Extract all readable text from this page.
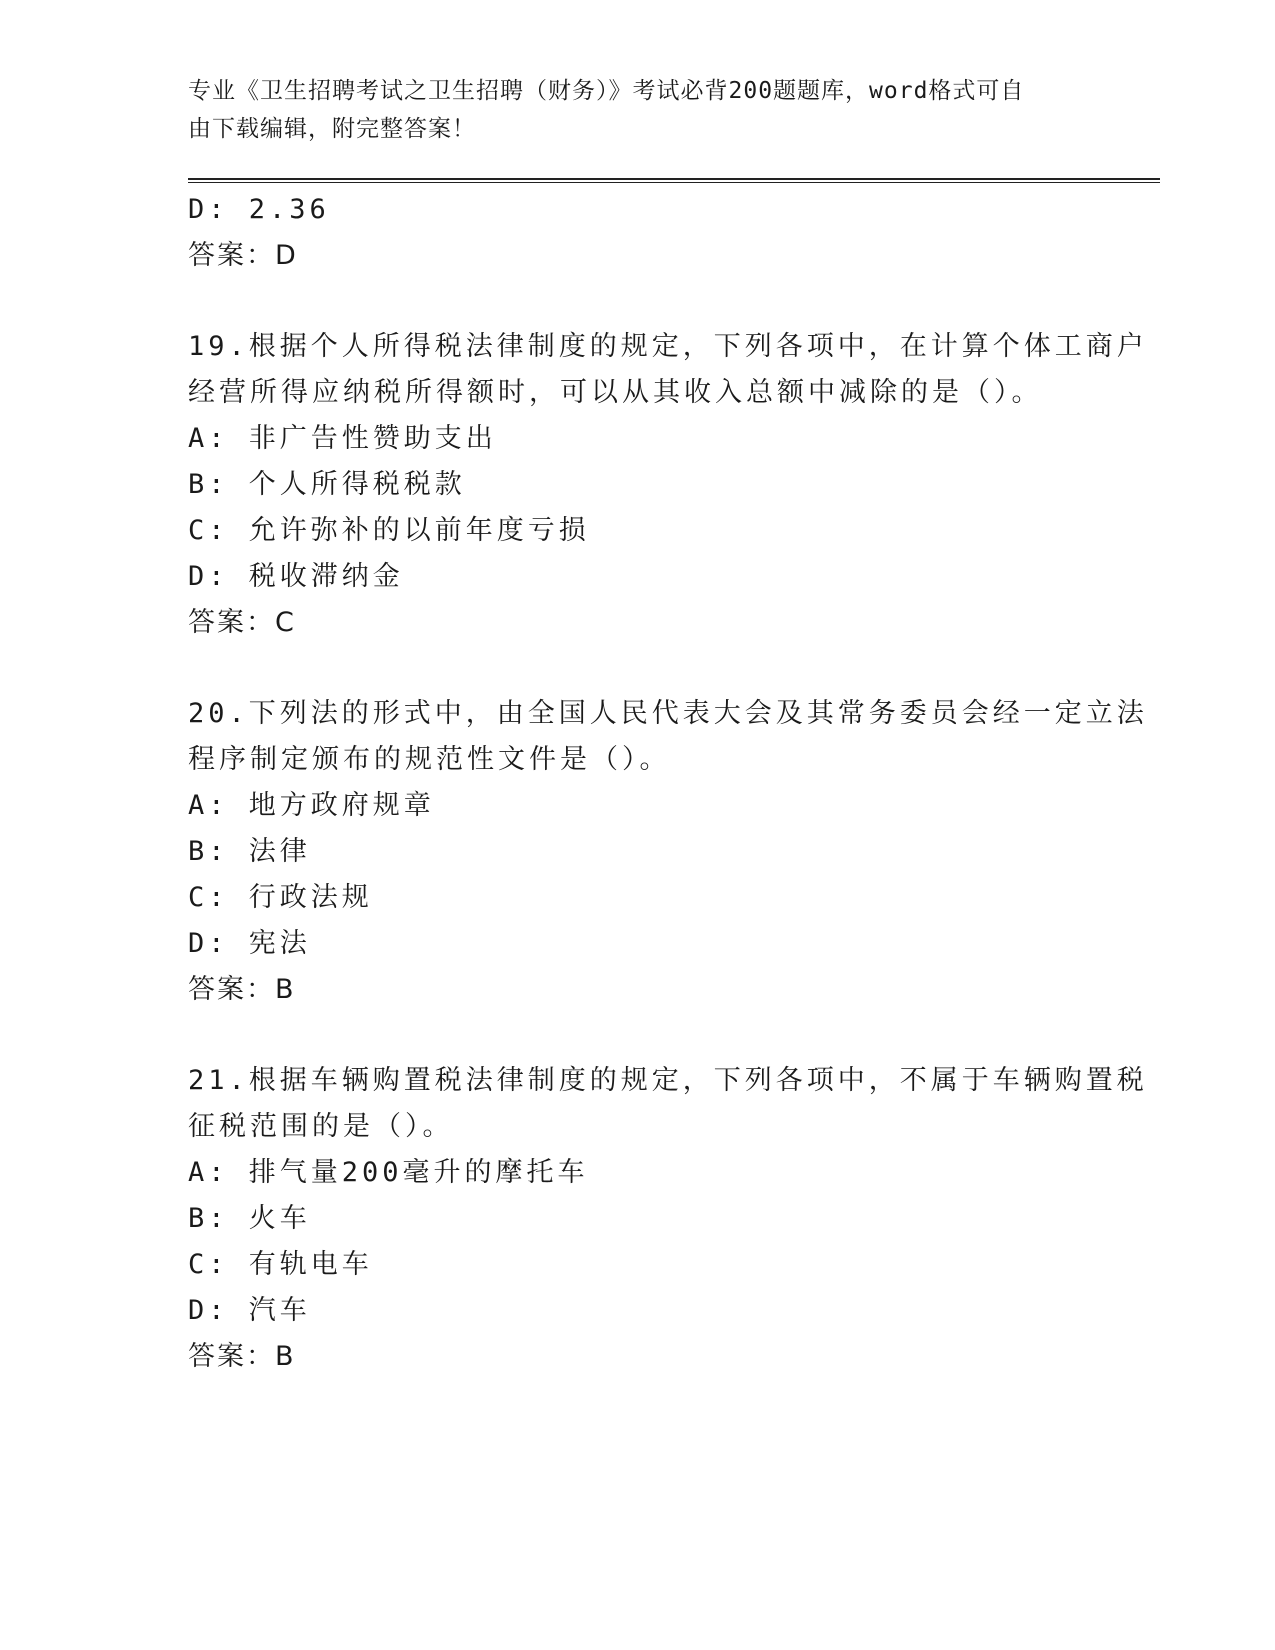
专业《卫生招聘考试之卫生招聘（财务）》考试必背200题题库，word格式可自
由下载编辑，附完整答案！
D: 2.36
答案：D
19.根据个人所得税法律制度的规定，下列各项中，在计算个体工商户
经营所得应纳税所得额时，可以从其收入总额中减除的是（）。
A: 非广告性赞助支出
B: 个人所得税税款
C: 允许弥补的以前年度亏损
D: 税收滞纳金
答案：C
20.下列法的形式中，由全国人民代表大会及其常务委员会经一定立法
程序制定颁布的规范性文件是（）。
A: 地方政府规章
B: 法律
C: 行政法规
D: 宪法
答案：B
21.根据车辆购置税法律制度的规定，下列各项中，不属于车辆购置税
征税范围的是（）。
A: 排气量200毫升的摩托车
B: 火车
C: 有轨电车
D: 汽车
答案：B
